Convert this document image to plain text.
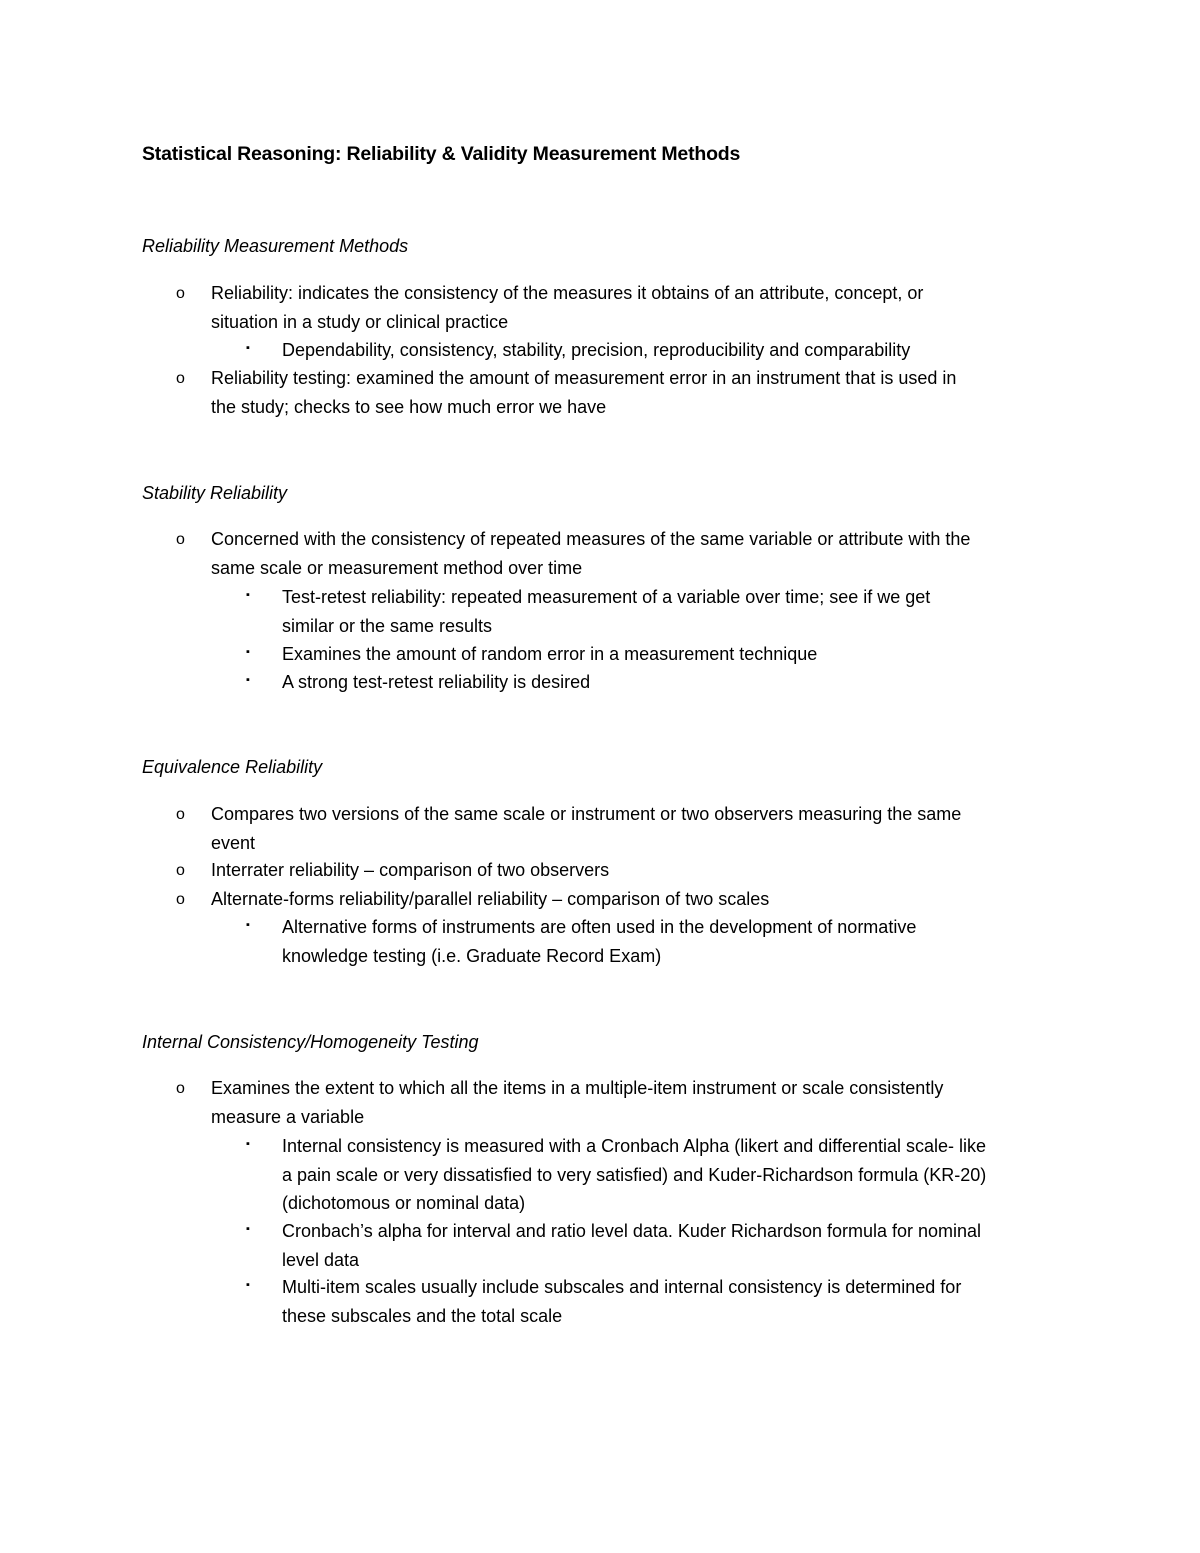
Statistical Reasoning: Reliability & Validity Measurement Methods
Reliability Measurement Methods
o Reliability: indicates the consistency of the measures it obtains of an attribute, concept, or
situation in a study or clinical practice
▪ Dependability, consistency, stability, precision, reproducibility and comparability
o Reliability testing: examined the amount of measurement error in an instrument that is used in
the study; checks to see how much error we have
Stability Reliability
o Concerned with the consistency of repeated measures of the same variable or attribute with the
same scale or measurement method over time
▪ Test-retest reliability: repeated measurement of a variable over time; see if we get
similar or the same results
▪ Examines the amount of random error in a measurement technique
▪ A strong test-retest reliability is desired
Equivalence Reliability
o Compares two versions of the same scale or instrument or two observers measuring the same
event
o Interrater reliability – comparison of two observers
o Alternate-forms reliability/parallel reliability – comparison of two scales
▪ Alternative forms of instruments are often used in the development of normative
knowledge testing (i.e. Graduate Record Exam)
Internal Consistency/Homogeneity Testing
o Examines the extent to which all the items in a multiple-item instrument or scale consistently
measure a variable
▪ Internal consistency is measured with a Cronbach Alpha (likert and differential scale- like
a pain scale or very dissatisfied to very satisfied) and Kuder-Richardson formula (KR-20)
(dichotomous or nominal data)
▪ Cronbach’s alpha for interval and ratio level data. Kuder Richardson formula for nominal
level data
▪ Multi-item scales usually include subscales and internal consistency is determined for
these subscales and the total scale
